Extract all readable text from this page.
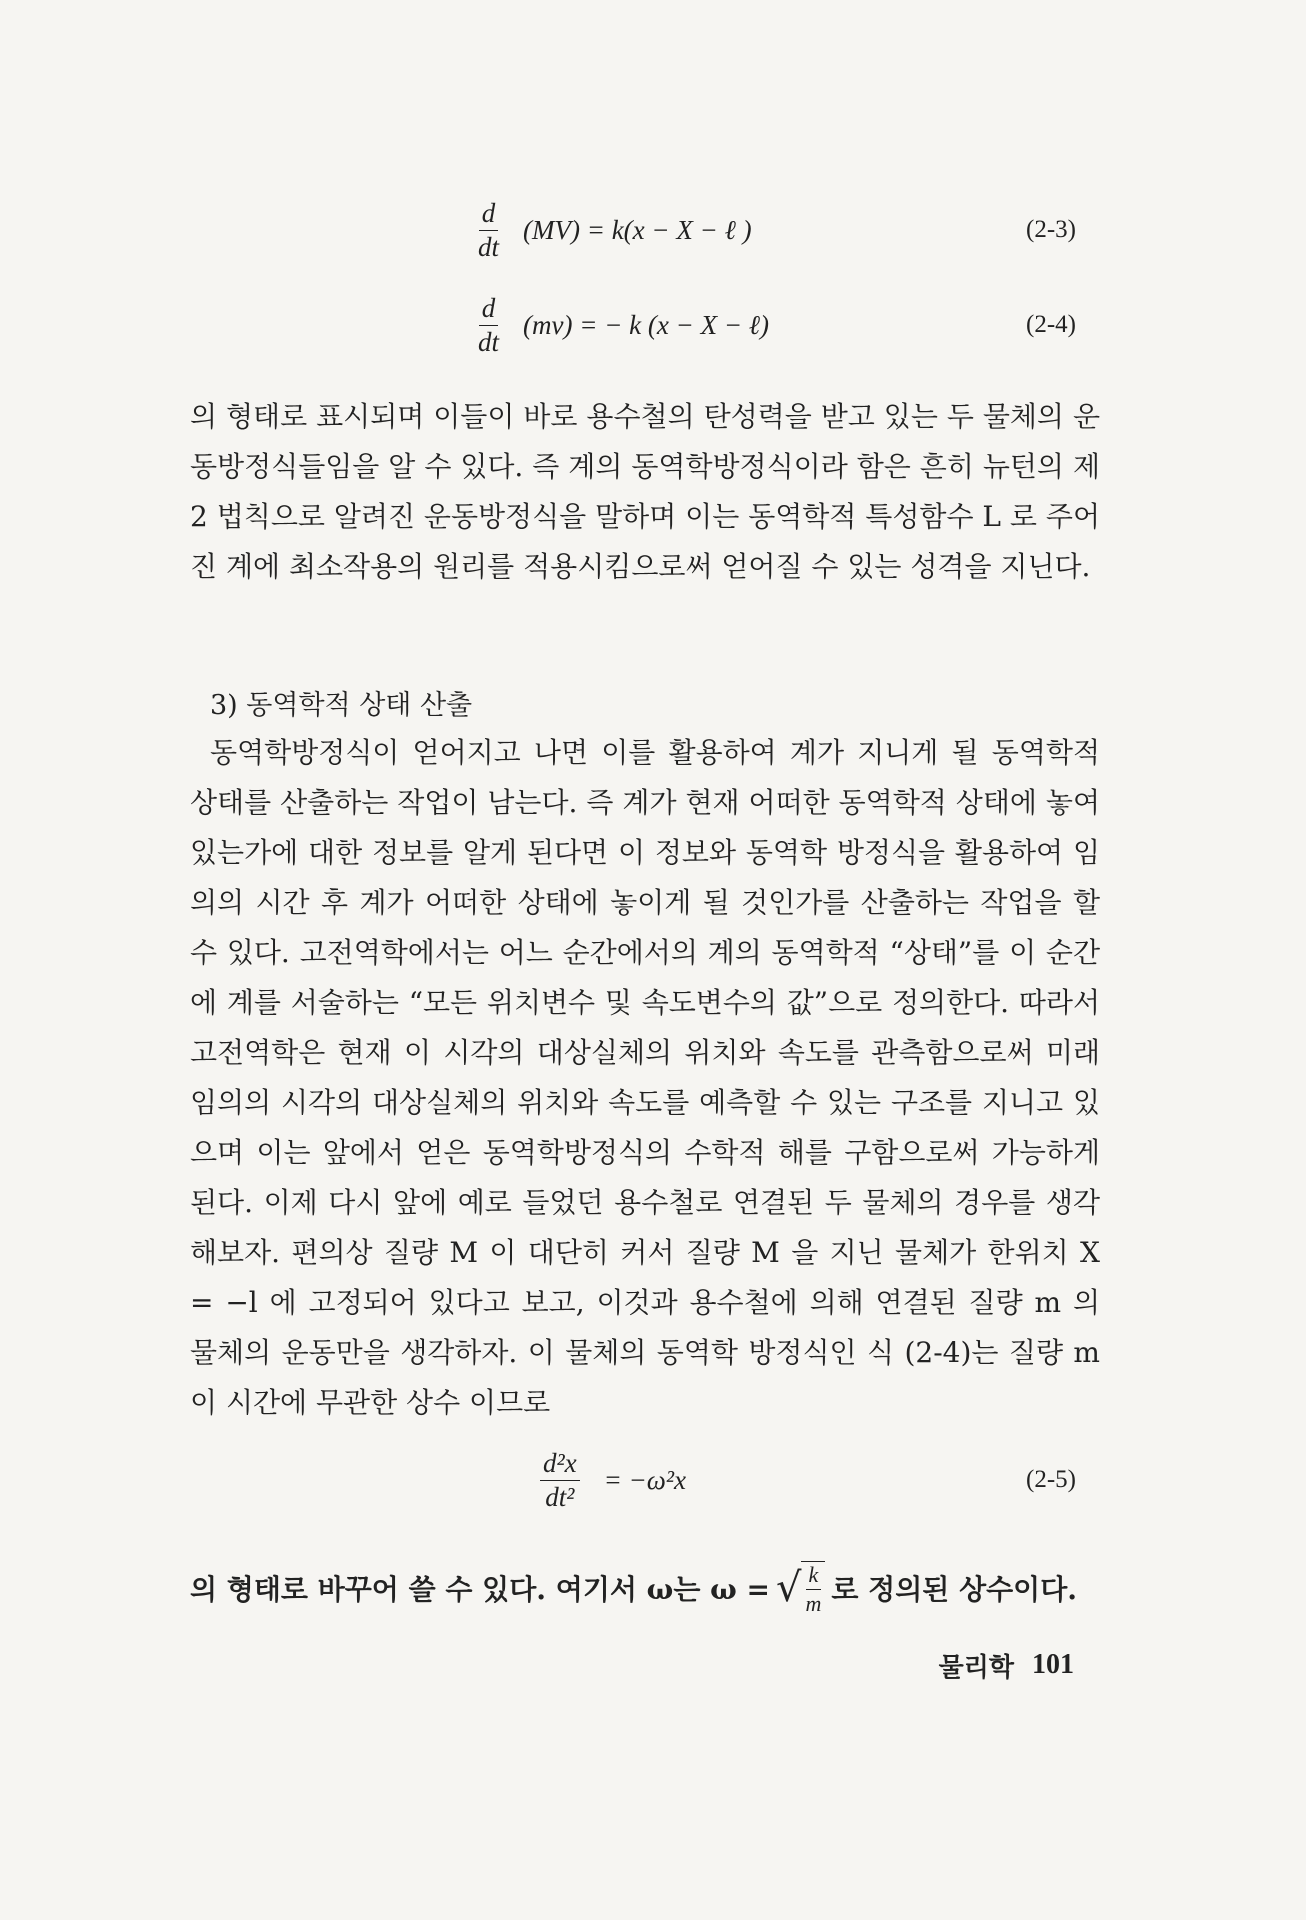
$\frac{d}{dt} (MV) = k(x - X$ − ℓ )	(2-3)
$\frac{d}{dt} (mv)$ = − k (x − X − ℓ)	(2-4)
의 형태로 표시되며 이들이 바로 용수철의 탄성력을 받고 있는 두 물체의 운동방정식들임을 알 수 있다. 즉 계의 동역학방정식이라 함은 흔히 뉴턴의 제 2 법칙으로 알려진 운동방정식을 말하며 이는 동역학적 특성함수 L 로 주어진 계에 최소작용의 원리를 적용시킴으로써 얻어질 수 있는 성격을 지닌다.
3) 동역학적 상태 산출
동역학방정식이 얻어지고 나면 이를 활용하여 계가 지니게 될 동역학적 상태를 산출하는 작업이 남는다. 즉 계가 현재 어떠한 동역학적 상태에 놓여 있는가에 대한 정보를 알게 된다면 이 정보와 동역학 방정식을 활용하여 임의의 시간 후 계가 어떠한 상태에 놓이게 될 것인가를 산출하는 작업을 할 수 있다. 고전역학에서는 어느 순간에서의 계의 동역학적 “상태”를 이 순간에 계를 서술하는 “모든 위치변수 및 속도변수의 값”으로 정의한다. 따라서 고전역학은 현재 이 시각의 대상실체의 위치와 속도를 관측함으로써 미래 임의의 시각의 대상실체의 위치와 속도를 예측할 수 있는 구조를 지니고 있으며 이는 앞에서 얻은 동역학방정식의 수학적 해를 구함으로써 가능하게 된다. 이제 다시 앞에 예로 들었던 용수철로 연결된 두 물체의 경우를 생각해보자. 편의상 질량 M 이 대단히 커서 질량 M 을 지닌 물체가 한위치 X = −l 에 고정되어 있다고 보고, 이것과 용수철에 의해 연결된 질량 m 의 물체의 운동만을 생각하자. 이 물체의 동역학 방정식인 식 (2-4)는 질량 m 이 시간에 무관한 상수 이므로
$\frac{\text{d²x}}{\text{dt²}} = -\omega^2x$	(2-5)
의 형태로 바꾸어 쓸 수 있다. 여기서 ω는 ω = √ $\frac{k}{m}$ 로 정의된 상수이다.
물리학 101
